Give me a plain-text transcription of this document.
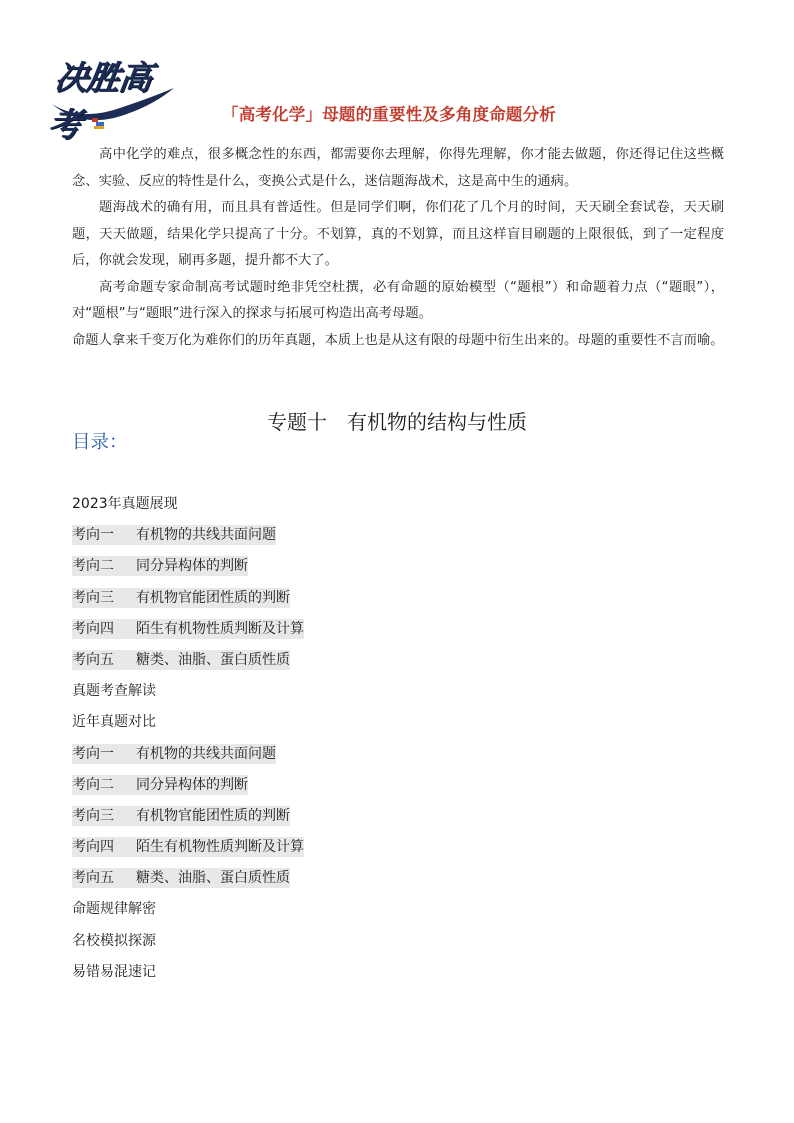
决胜高考	「高考化学」母题的重要性及多角度命题分析

高中化学的难点，很多概念性的东西，都需要你去理解，你得先理解，你才能去做题，你还得记住这些概念、实验、反应的特性是什么，变换公式是什么，迷信题海战术，这是高中生的通病。

题海战术的确有用，而且具有普适性。但是同学们啊，你们花了几个月的时间，天天刷全套试卷，天天刷题，天天做题，结果化学只提高了十分。不划算，真的不划算，而且这样盲目刷题的上限很低，到了一定程度后，你就会发现，刷再多题，提升都不大了。

高考命题专家命制高考试题时绝非凭空杜撰，必有命题的原始模型（“题根”）和命题着力点（“题眼”），对“题根”与“题眼”进行深入的探求与拓展可构造出高考母题。

命题人拿来千变万化为难你们的历年真题，本质上也是从这有限的母题中衍生出来的。母题的重要性不言而喻。

专题十　有机物的结构与性质
目录：
2023年真题展现
考向一 有机物的共线共面问题
考向二 同分异构体的判断
考向三 有机物官能团性质的判断
考向四 陌生有机物性质判断及计算
考向五 糖类、油脂、蛋白质性质
真题考查解读
近年真题对比
考向一 有机物的共线共面问题
考向二 同分异构体的判断
考向三 有机物官能团性质的判断
考向四 陌生有机物性质判断及计算
考向五 糖类、油脂、蛋白质性质
命题规律解密
名校模拟探源
易错易混速记
